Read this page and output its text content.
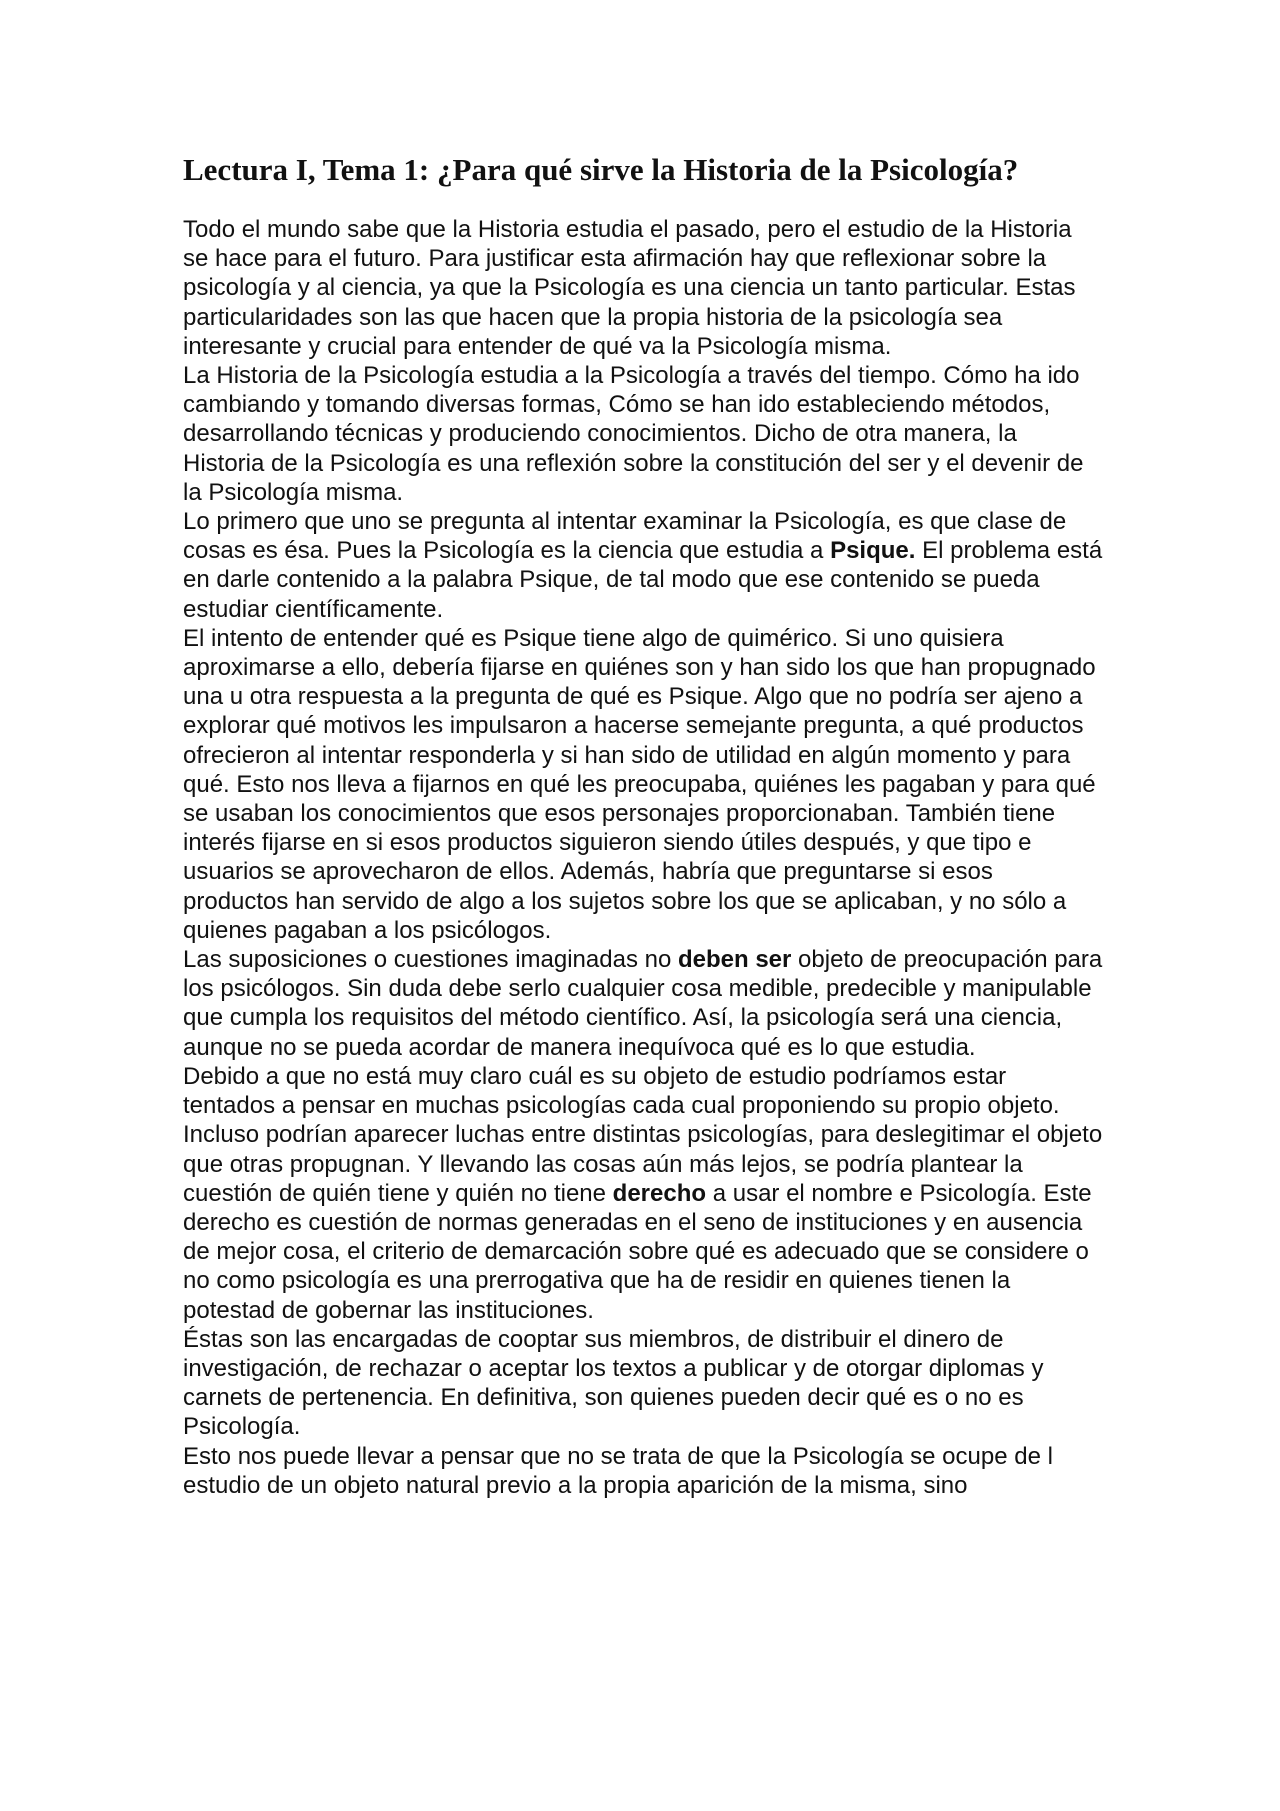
Lectura I, Tema 1: ¿Para qué sirve la Historia de la Psicología?

Todo el mundo sabe que la Historia estudia el pasado, pero el estudio de la Historia se hace para el futuro. Para justificar esta afirmación hay que reflexionar sobre la psicología y al ciencia, ya que la Psicología es una ciencia un tanto particular. Estas particularidades son las que hacen que la propia historia de la psicología sea interesante y crucial para entender de qué va la Psicología misma.

La Historia de la Psicología estudia a la Psicología a través del tiempo. Cómo ha ido cambiando y tomando diversas formas, Cómo se han ido estableciendo métodos, desarrollando técnicas y produciendo conocimientos. Dicho de otra manera, la Historia de la Psicología es una reflexión sobre la constitución del ser y el devenir de la Psicología misma.

Lo primero que uno se pregunta al intentar examinar la Psicología, es que clase de cosas es ésa. Pues la Psicología es la ciencia que estudia a Psique. El problema está en darle contenido a la palabra Psique, de tal modo que ese contenido se pueda estudiar científicamente.

El intento de entender qué es Psique tiene algo de quimérico. Si uno quisiera aproximarse a ello, debería fijarse en quiénes son y han sido los que han propugnado una u otra respuesta a la pregunta de qué es Psique. Algo que no podría ser ajeno a explorar qué motivos les impulsaron a hacerse semejante pregunta, a qué productos ofrecieron al intentar responderla y si han sido de utilidad en algún momento y para qué. Esto nos lleva a fijarnos en qué les preocupaba, quiénes les pagaban y para qué se usaban los conocimientos que esos personajes proporcionaban. También tiene interés fijarse en si esos productos siguieron siendo útiles después, y que tipo e usuarios se aprovecharon de ellos. Además, habría que preguntarse si esos productos han servido de algo a los sujetos sobre los que se aplicaban, y no sólo a quienes pagaban a los psicólogos.

Las suposiciones o cuestiones imaginadas no deben ser objeto de preocupación para los psicólogos. Sin duda debe serlo cualquier cosa medible, predecible y manipulable que cumpla los requisitos del método científico. Así, la psicología será una ciencia, aunque no se pueda acordar de manera inequívoca qué es lo que estudia.

Debido a que no está muy claro cuál es su objeto de estudio podríamos estar tentados a pensar en muchas psicologías cada cual proponiendo su propio objeto. Incluso podrían aparecer luchas entre distintas psicologías, para deslegitimar el objeto que otras propugnan. Y llevando las cosas aún más lejos, se podría plantear la cuestión de quién tiene y quién no tiene derecho a usar el nombre e Psicología. Este derecho es cuestión de normas generadas en el seno de instituciones y en ausencia de mejor cosa, el criterio de demarcación sobre qué es adecuado que se considere o no como psicología es una prerrogativa que ha de residir en quienes tienen la potestad de gobernar las instituciones.

Éstas son las encargadas de cooptar sus miembros, de distribuir el dinero de investigación, de rechazar o aceptar los textos a publicar y de otorgar diplomas y carnets de pertenencia. En definitiva, son quienes pueden decir qué es o no es Psicología.

Esto nos puede llevar a pensar que no se trata de que la Psicología se ocupe de l estudio de un objeto natural previo a la propia aparición de la misma, sino
